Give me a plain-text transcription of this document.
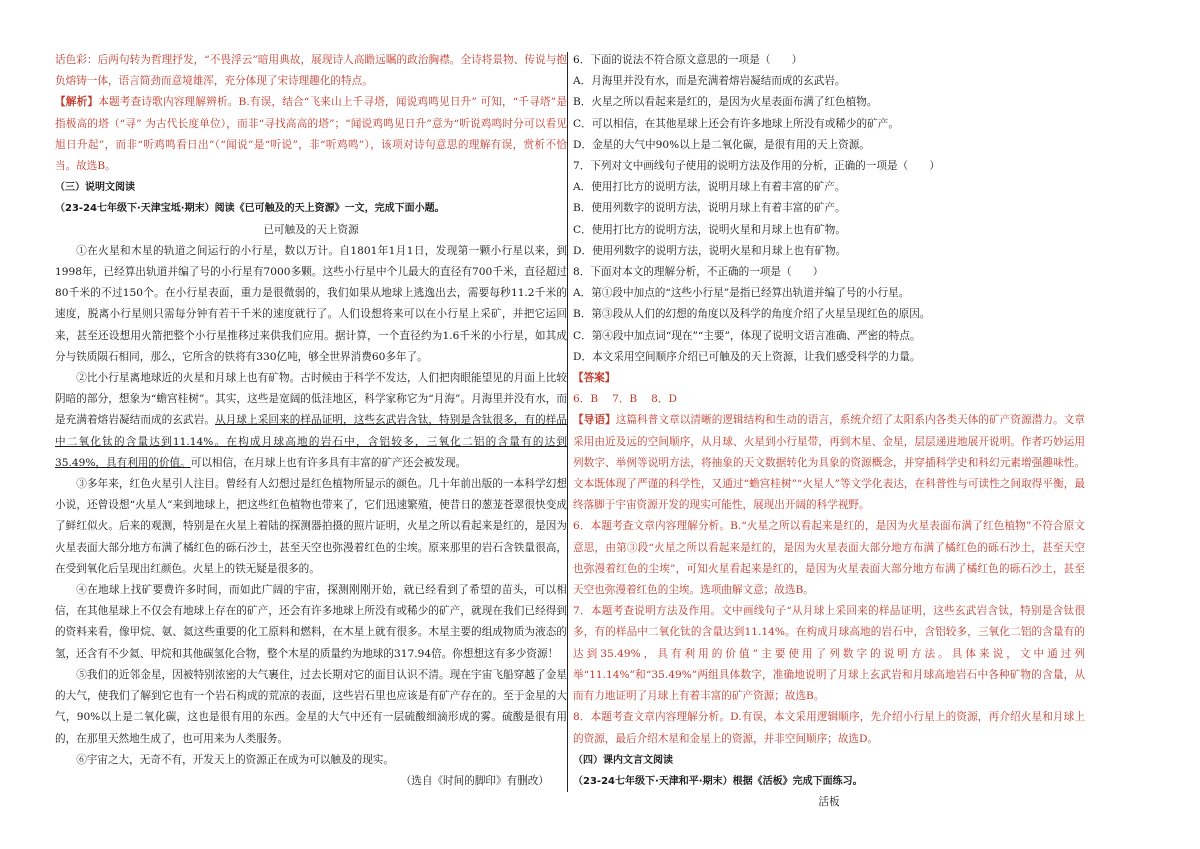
话色彩：后两句转为哲理抒发，“不畏浮云”暗用典故，展现诗人高瞻远瞩的政治胸襟。全诗将景物、传说与抱负熔铸一体，语言简劲而意境雄浑，充分体现了宋诗理趣化的特点。

【解析】本题考查诗歌内容理解辨析。B.有误，结合“飞来山上千寻塔，闻说鸡鸣见日升” 可知，“千寻塔”是指极高的塔（“寻” 为古代长度单位），而非“寻找高高的塔”；“闻说鸡鸣见日升”意为“听说鸡鸣时分可以看见旭日升起”，而非“听鸡鸣看日出”（“闻说”是“听说”，非“听鸡鸣”），该项对诗句意思的理解有误，赏析不恰当。故选B。

（三）说明文阅读

（23-24七年级下·天津宝坻·期末）阅读《已可触及的天上资源》一文，完成下面小题。

已可触及的天上资源

①在火星和木星的轨道之间运行的小行星，数以万计。自1801年1月1日，发现第一颗小行星以来，到1998年，已经算出轨道并编了号的小行星有7000多颗。这些小行星中个儿最大的直径有700千米，直径超过80千米的不过150个。在小行星表面，重力是很微弱的，我们如果从地球上逃逸出去，需要每秒11.2千米的速度，脱离小行星则只需每分钟有若干千米的速度就行了。人们设想将来可以在小行星上采矿，并把它运回来，甚至还设想用火箭把整个小行星推移过来供我们应用。据计算，一个直径约为1.6千米的小行星，如其成分与铁质陨石相同，那么，它所含的铁将有330亿吨，够全世界消费60多年了。

②比小行星离地球近的火星和月球上也有矿物。古时候由于科学不发达，人们把肉眼能望见的月面上比较阴暗的部分，想象为“蟾宫桂树”。其实，这些是宽阔的低洼地区，科学家称它为“月海”。月海里并没有水，而是充满着熔岩凝结而成的玄武岩。从月球上采回来的样品证明，这些玄武岩含钛，特别是含钛很多，有的样品中二氧化钛的含量达到11.14%。在构成月球高地的岩石中，含铝较多，三氧化二铝的含量有的达到35.49%，具有利用的价值。可以相信，在月球上也有许多具有丰富的矿产还会被发现。

③多年来，红色火星引人注目。曾经有人幻想过是红色植物所显示的颜色。几十年前出版的一本科学幻想小说，还曾设想“火星人”来到地球上，把这些红色植物也带来了，它们迅速繁殖，使昔日的葱茏苍翠很快变成了鲜红似火。后来的观测，特别是在火星上着陆的探测器拍摄的照片证明，火星之所以看起来是红的，是因为火星表面大部分地方布满了橘红色的砾石沙土，甚至天空也弥漫着红色的尘埃。原来那里的岩石含铁量很高，在受到氧化后呈现出红颜色。火星上的铁无疑是很多的。

④在地球上找矿要费许多时间，而如此广阔的宇宙，探测刚刚开始，就已经看到了希望的苗头，可以相信，在其他星球上不仅会有地球上存在的矿产，还会有许多地球上所没有或稀少的矿产，就现在我们已经得到的资料来看，像甲烷、氨、氦这些重要的化工原料和燃料，在木星上就有很多。木星主要的组成物质为液态的氢，还含有不少氦、甲烷和其他碳氢化合物，整个木星的质量约为地球的317.94倍。你想想这有多少资源！

⑤我们的近邻金星，因被特别浓密的大气裹住，过去长期对它的面目认识不清。现在宇宙飞船穿越了金星的大气，使我们了解到它也有一个岩石构成的荒凉的表面，这些岩石里也应该是有矿产存在的。至于金星的大气，90%以上是二氧化碳，这也是很有用的东西。金星的大气中还有一层硫酸细滴形成的雾。硫酸是很有用的，在那里天然地生成了，也可用来为人类服务。

⑥宇宙之大，无奇不有，开发天上的资源正在成为可以触及的现实。

（选自《时间的脚印》有删改）

6．下面的说法不符合原文意思的一项是（　　）

A．月海里并没有水，而是充满着熔岩凝结而成的玄武岩。

B．火星之所以看起来是红的，是因为火星表面布满了红色植物。

C．可以相信，在其他星球上还会有许多地球上所没有或稀少的矿产。

D．金星的大气中90%以上是二氧化碳，是很有用的天上资源。

7．下列对文中画线句子使用的说明方法及作用的分析，正确的一项是（　　）

A．使用打比方的说明方法，说明月球上有着丰富的矿产。

B．使用列数字的说明方法，说明月球上有着丰富的矿产。

C．使用打比方的说明方法，说明火星和月球上也有矿物。

D．使用列数字的说明方法，说明火星和月球上也有矿物。

8．下面对本文的理解分析，不正确的一项是（　　）

A．第①段中加点的“这些小行星”是指已经算出轨道并编了号的小行星。

B．第③段从人们的幻想的角度以及科学的角度介绍了火星呈现红色的原因。

C．第④段中加点词“现在”“主要”，体现了说明文语言准确、严密的特点。

D．本文采用空间顺序介绍已可触及的天上资源，让我们感受科学的力量。

【答案】

6．B　 7．B　 8．D

【导语】这篇科普文章以清晰的逻辑结构和生动的语言，系统介绍了太阳系内各类天体的矿产资源潜力。文章采用由近及远的空间顺序，从月球、火星到小行星带，再到木星、金星，层层递进地展开说明。作者巧妙运用列数字、举例等说明方法，将抽象的天文数据转化为具象的资源概念，并穿插科学史和科幻元素增强趣味性。文本既体现了严谨的科学性，又通过“蟾宫桂树”“火星人”等文学化表达，在科普性与可读性之间取得平衡，最终落脚于宇宙资源开发的现实可能性，展现出开阔的科学视野。

6．本题考查文章内容理解分析。B.“火星之所以看起来是红的，是因为火星表面布满了红色植物”不符合原文意思，由第③段“火星之所以看起来是红的，是因为火星表面大部分地方布满了橘红色的砾石沙土，甚至天空也弥漫着红色的尘埃”，可知火星看起来是红的，是因为火星表面大部分地方布满了橘红色的砾石沙土，甚至天空也弥漫着红色的尘埃。选项曲解文意；故选B。

7．本题考查说明方法及作用。文中画线句子“从月球上采回来的样品证明，这些玄武岩含钛，特别是含钛很多，有的样品中二氧化钛的含量达到11.14%。在构成月球高地的岩石中，含铝较多，三氧化二铝的含量有的达到35.49%，具有利用的价值”主要使用了列数字的说明方法。具体来说，文中通过列举“11.14%”和“35.49%”两组具体数字，准确地说明了月球上玄武岩和月球高地岩石中各种矿物的含量，从而有力地证明了月球上有着丰富的矿产资源；故选B。

8．本题考查文章内容理解分析。D.有误，本文采用逻辑顺序，先介绍小行星上的资源，再介绍火星和月球上的资源，最后介绍木星和金星上的资源，并非空间顺序；故选D。

（四）课内文言文阅读

（23-24七年级下·天津和平·期末）根据《活板》完成下面练习。

活板
